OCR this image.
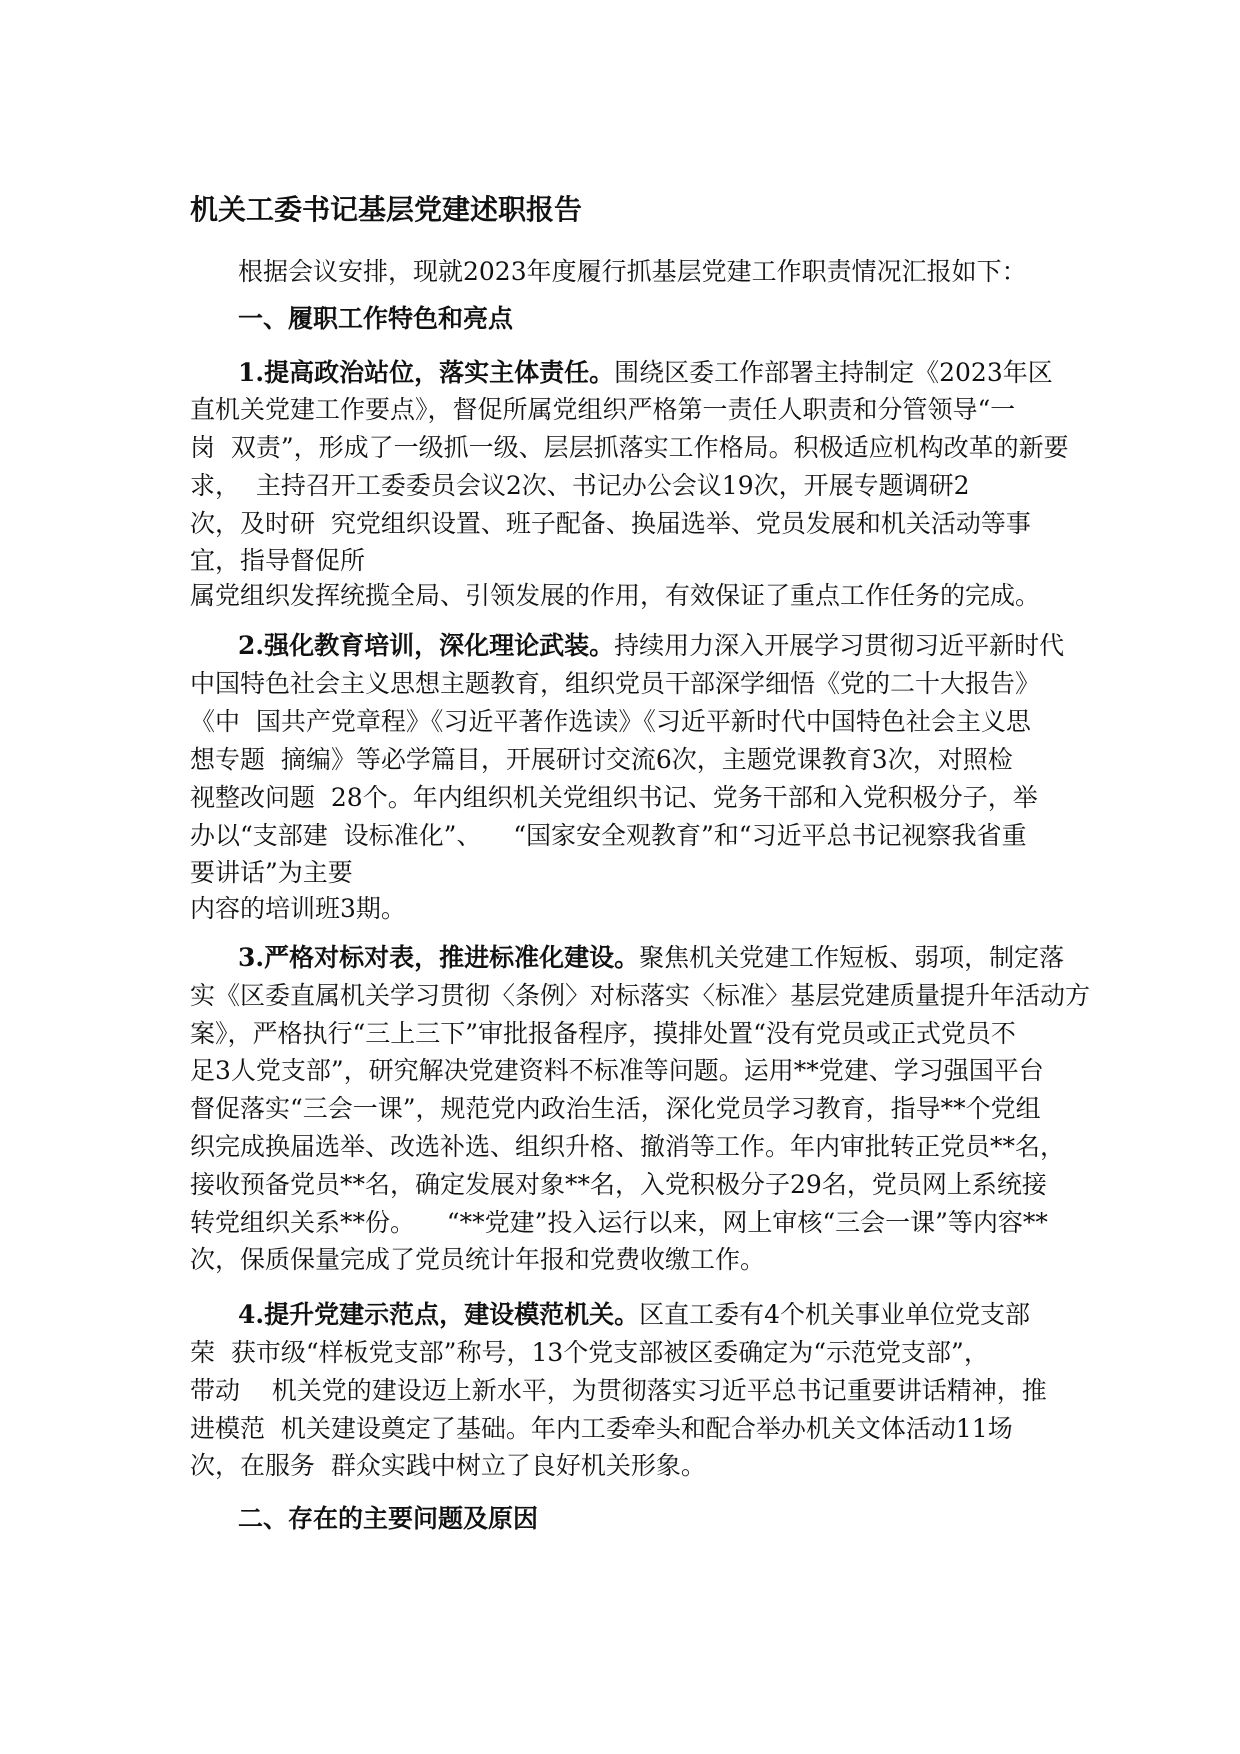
机关工委书记基层党建述职报告
根据会议安排，现就2023年度履行抓基层党建工作职责情况汇报如下：
一、履职工作特色和亮点
1.提高政治站位，落实主体责任。围绕区委工作部署主持制定《2023年区
直机关党建工作要点》，督促所属党组织严格第一责任人职责和分管领导“一
岗  双责”，形成了一级抓一级、层层抓落实工作格局。积极适应机构改革的新要
求，  主持召开工委委员会议2次、书记办公会议19次，开展专题调研2
次，及时研  究党组织设置、班子配备、换届选举、党员发展和机关活动等事
宜，指导督促所
属党组织发挥统揽全局、引领发展的作用，有效保证了重点工作任务的完成。
2.强化教育培训，深化理论武装。持续用力深入开展学习贯彻习近平新时代
中国特色社会主义思想主题教育，组织党员干部深学细悟《党的二十大报告》
《中  国共产党章程》《习近平著作选读》《习近平新时代中国特色社会主义思
想专题  摘编》等必学篇目，开展研讨交流6次，主题党课教育3次，对照检
视整改问题  28个。年内组织机关党组织书记、党务干部和入党积极分子，举
办以“支部建  设标准化”、    “国家安全观教育”和“习近平总书记视察我省重
要讲话”为主要
内容的培训班3期。
3.严格对标对表，推进标准化建设。聚焦机关党建工作短板、弱项，制定落
实《区委直属机关学习贯彻〈条例〉对标落实〈标准〉基层党建质量提升年活动方
案》，严格执行“三上三下”审批报备程序，摸排处置“没有党员或正式党员不
足3人党支部”，研究解决党建资料不标准等问题。运用**党建、学习强国平台
督促落实“三会一课”，规范党内政治生活，深化党员学习教育，指导**个党组
织完成换届选举、改选补选、组织升格、撤消等工作。年内审批转正党员**名，
接收预备党员**名，确定发展对象**名，入党积极分子29名，党员网上系统接
转党组织关系**份。    “**党建”投入运行以来，网上审核“三会一课”等内容**
次，保质保量完成了党员统计年报和党费收缴工作。
4.提升党建示范点，建设模范机关。区直工委有4个机关事业单位党支部
荣  获市级“样板党支部”称号，13个党支部被区委确定为“示范党支部”，
带动    机关党的建设迈上新水平，为贯彻落实习近平总书记重要讲话精神，推
进模范  机关建设奠定了基础。年内工委牵头和配合举办机关文体活动11场
次，在服务  群众实践中树立了良好机关形象。
二、存在的主要问题及原因
